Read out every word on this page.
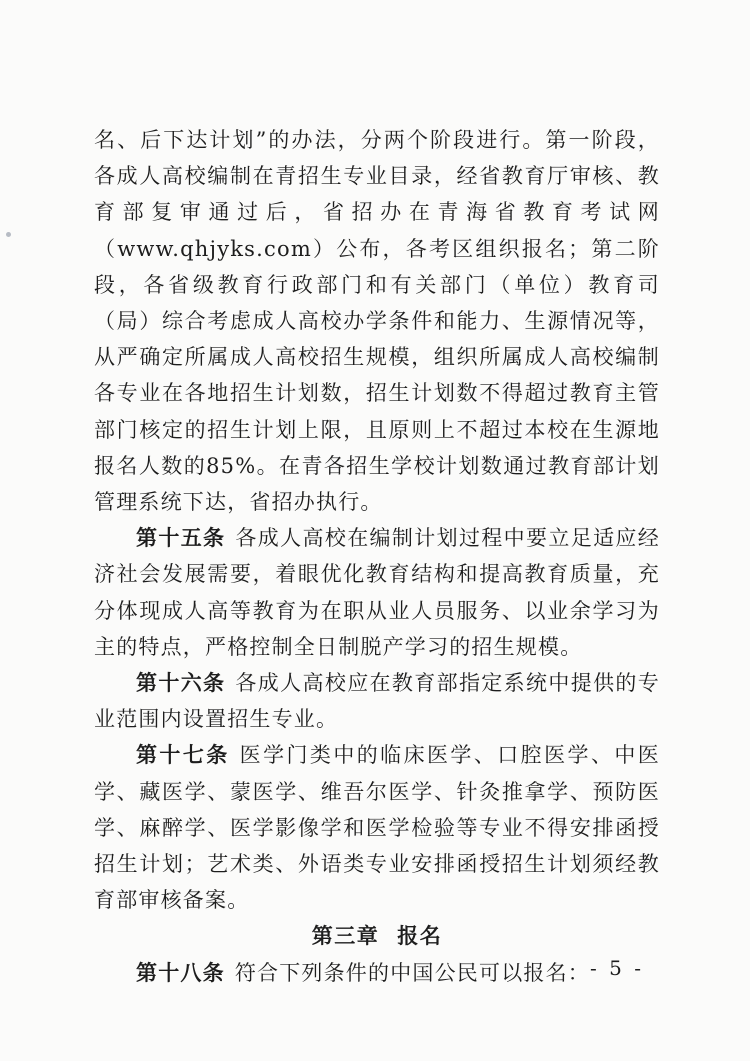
名、后下达计划”的办法，分两个阶段进行。第一阶段，各成人高校编制在青招生专业目录，经省教育厅审核、教育部复审通过后，省招办在青海省教育考试网（www.qhjyks.com）公布，各考区组织报名；第二阶段，各省级教育行政部门和有关部门（单位）教育司（局）综合考虑成人高校办学条件和能力、生源情况等，从严确定所属成人高校招生规模，组织所属成人高校编制各专业在各地招生计划数，招生计划数不得超过教育主管部门核定的招生计划上限，且原则上不超过本校在生源地报名人数的85%。在青各招生学校计划数通过教育部计划管理系统下达，省招办执行。

第十五条 各成人高校在编制计划过程中要立足适应经济社会发展需要，着眼优化教育结构和提高教育质量，充分体现成人高等教育为在职从业人员服务、以业余学习为主的特点，严格控制全日制脱产学习的招生规模。

第十六条 各成人高校应在教育部指定系统中提供的专业范围内设置招生专业。

第十七条 医学门类中的临床医学、口腔医学、中医学、藏医学、蒙医学、维吾尔医学、针灸推拿学、预防医学、麻醉学、医学影像学和医学检验等专业不得安排函授招生计划；艺术类、外语类专业安排函授招生计划须经教育部审核备案。

第三章 报名

第十八条 符合下列条件的中国公民可以报名： - 5 -
